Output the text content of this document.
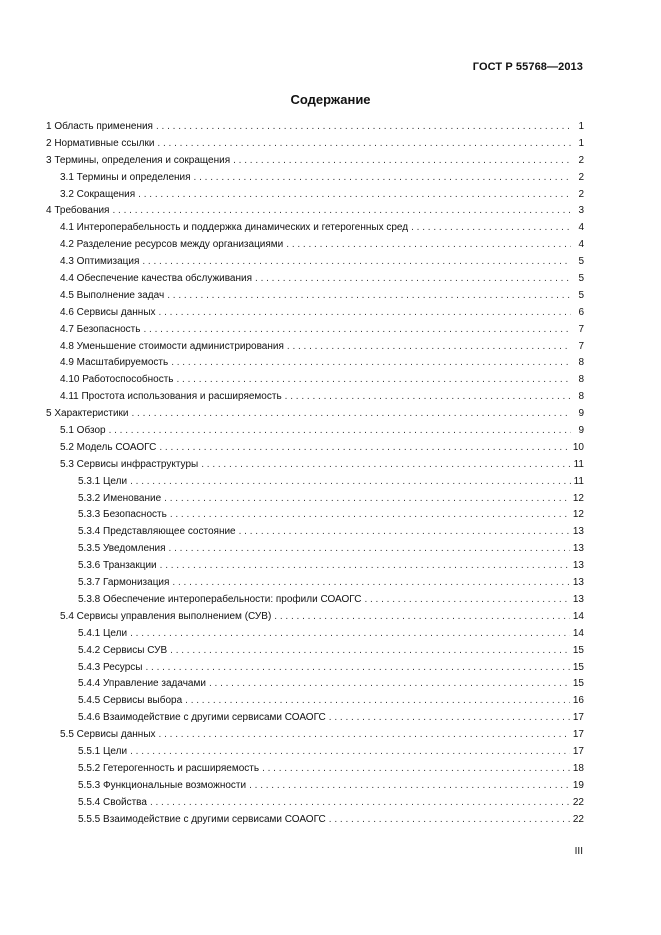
ГОСТ Р 55768—2013
Содержание
1 Область применения . . .	1
2 Нормативные ссылки . . .	1
3 Термины, определения и сокращения . . .	2
3.1 Термины и определения . . .	2
3.2 Сокращения . . .	2
4 Требования . . .	3
4.1 Интероперабельность и поддержка динамических и гетерогенных сред . . .	4
4.2 Разделение ресурсов между организациями . . .	4
4.3 Оптимизация . . .	5
4.4 Обеспечение качества обслуживания . . .	5
4.5 Выполнение задач . . .	5
4.6 Сервисы данных . . .	6
4.7 Безопасность . . .	7
4.8 Уменьшение стоимости администрирования . . .	7
4.9 Масштабируемость . . .	8
4.10 Работоспособность . . .	8
4.11 Простота использования и расширяемость . . .	8
5 Характеристики . . .	9
5.1 Обзор . . .	9
5.2 Модель СОАОГС . . .	10
5.3 Сервисы инфраструктуры . . .	11
5.3.1 Цели . . .	11
5.3.2 Именование . . .	12
5.3.3 Безопасность . . .	12
5.3.4 Представляющее состояние . . .	13
5.3.5 Уведомления . . .	13
5.3.6 Транзакции . . .	13
5.3.7 Гармонизация . . .	13
5.3.8 Обеспечение интероперабельности: профили СОАОГС . . .	13
5.4 Сервисы управления выполнением (СУВ) . . .	14
5.4.1 Цели . . .	14
5.4.2 Сервисы СУВ . . .	15
5.4.3 Ресурсы . . .	15
5.4.4 Управление задачами . . .	15
5.4.5 Сервисы выбора . . .	16
5.4.6 Взаимодействие с другими сервисами СОАОГС . . .	17
5.5 Сервисы данных . . .	17
5.5.1 Цели . . .	17
5.5.2 Гетерогенность и расширяемость . . .	18
5.5.3 Функциональные возможности . . .	19
5.5.4 Свойства . . .	22
5.5.5 Взаимодействие с другими сервисами СОАОГС . . .	22
III
